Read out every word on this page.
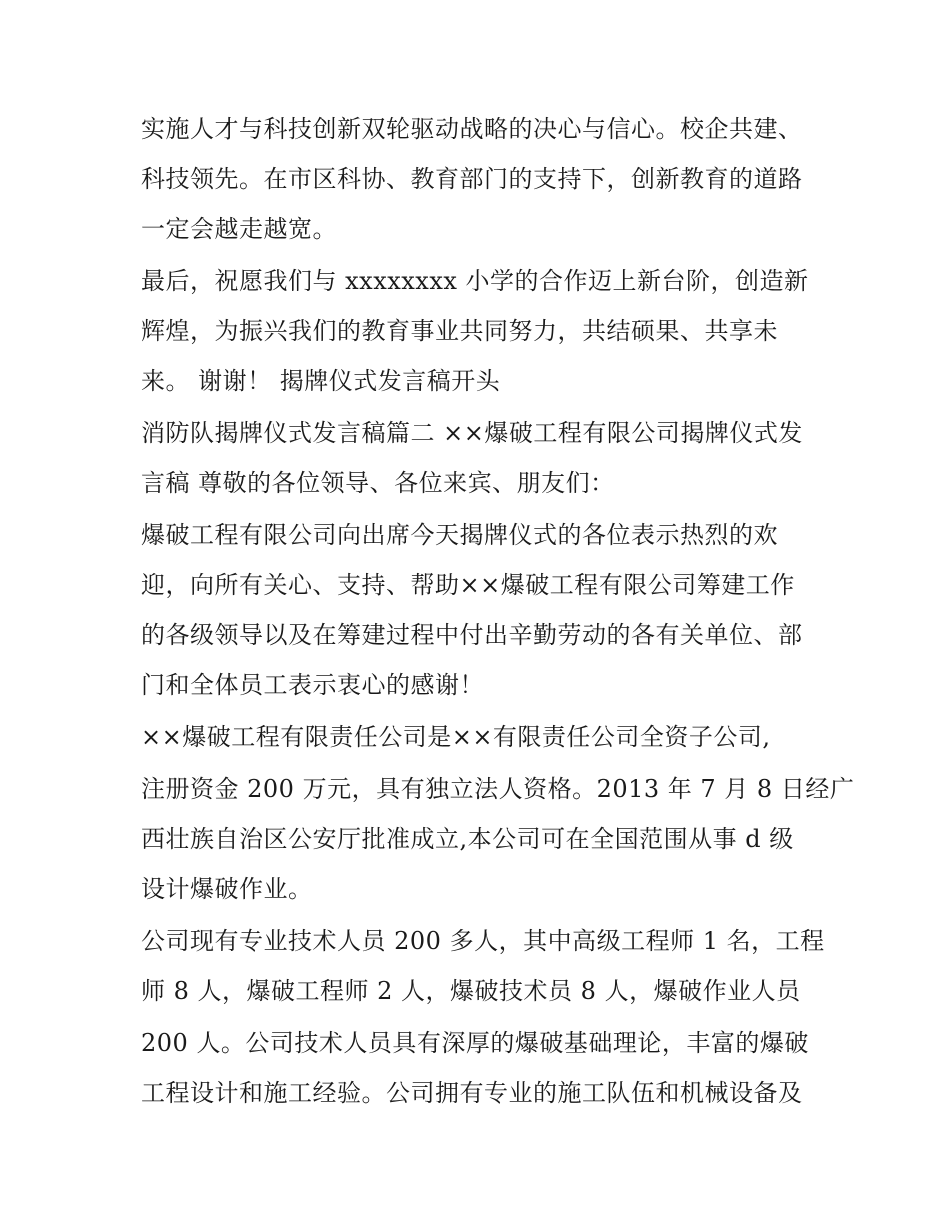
实施人才与科技创新双轮驱动战略的决心与信心。校企共建、
科技领先。在市区科协、教育部门的支持下，创新教育的道路
一定会越走越宽。
最后，祝愿我们与 xxxxxxxx 小学的合作迈上新台阶，创造新
辉煌，为振兴我们的教育事业共同努力，共结硕果、共享未
来。 谢谢！ 揭牌仪式发言稿开头
消防队揭牌仪式发言稿篇二 ××爆破工程有限公司揭牌仪式发
言稿 尊敬的各位领导、各位来宾、朋友们：
爆破工程有限公司向出席今天揭牌仪式的各位表示热烈的欢
迎，向所有关心、支持、帮助××爆破工程有限公司筹建工作
的各级领导以及在筹建过程中付出辛勤劳动的各有关单位、部
门和全体员工表示衷心的感谢！
××爆破工程有限责任公司是××有限责任公司全资子公司,
注册资金 200 万元，具有独立法人资格。2013 年 7 月 8 日经广
西壮族自治区公安厅批准成立,本公司可在全国范围从事 d 级
设计爆破作业。
公司现有专业技术人员 200 多人，其中高级工程师 1 名，工程
师 8 人，爆破工程师 2 人，爆破技术员 8 人，爆破作业人员
200 人。公司技术人员具有深厚的爆破基础理论，丰富的爆破
工程设计和施工经验。公司拥有专业的施工队伍和机械设备及
